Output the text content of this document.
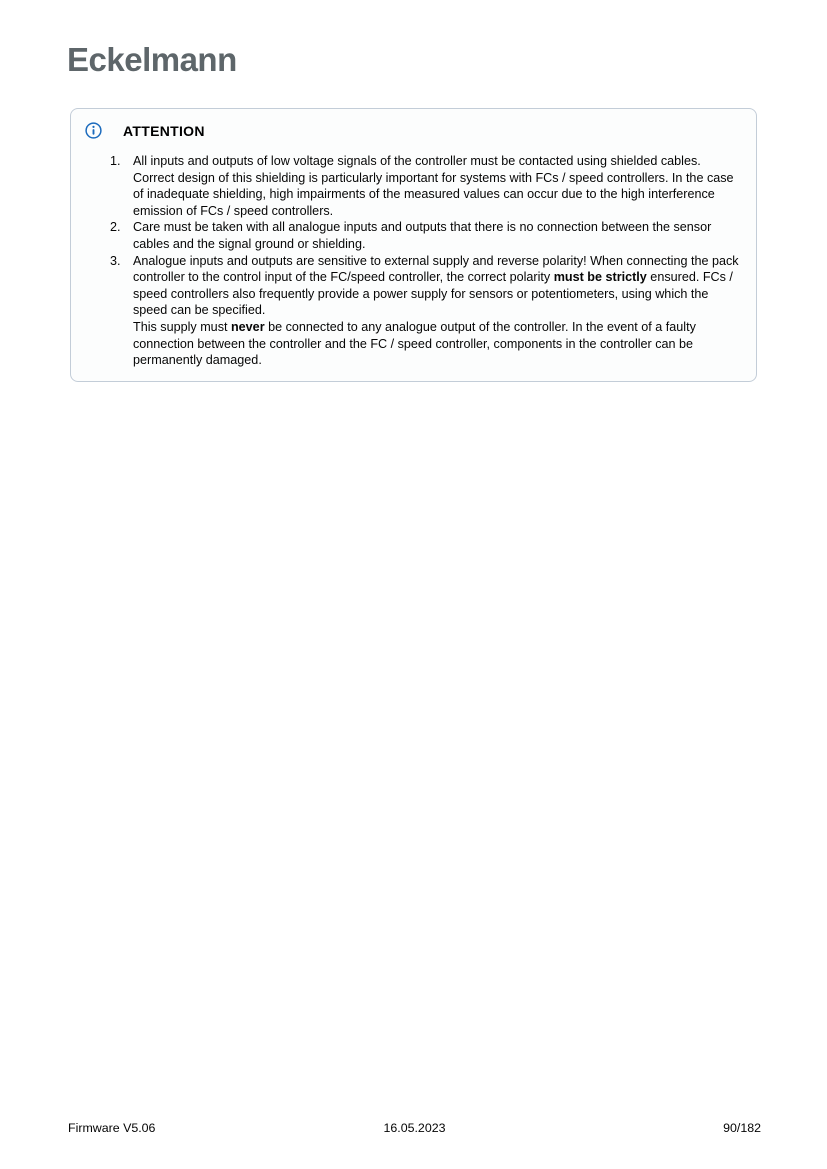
Eckelmann
ATTENTION
1. All inputs and outputs of low voltage signals of the controller must be contacted using shielded cables. Correct design of this shielding is particularly important for systems with FCs / speed controllers. In the case of inadequate shielding, high impairments of the measured values can occur due to the high interference emission of FCs / speed controllers.
2. Care must be taken with all analogue inputs and outputs that there is no connection between the sensor cables and the signal ground or shielding.
3. Analogue inputs and outputs are sensitive to external supply and reverse polarity! When connecting the pack controller to the control input of the FC/speed controller, the correct polarity must be strictly ensured. FCs / speed controllers also frequently provide a power supply for sensors or potentiometers, using which the speed can be specified.
This supply must never be connected to any analogue output of the controller. In the event of a faulty connection between the controller and the FC / speed controller, components in the controller can be permanently damaged.
Firmware V5.06	16.05.2023	90/182
